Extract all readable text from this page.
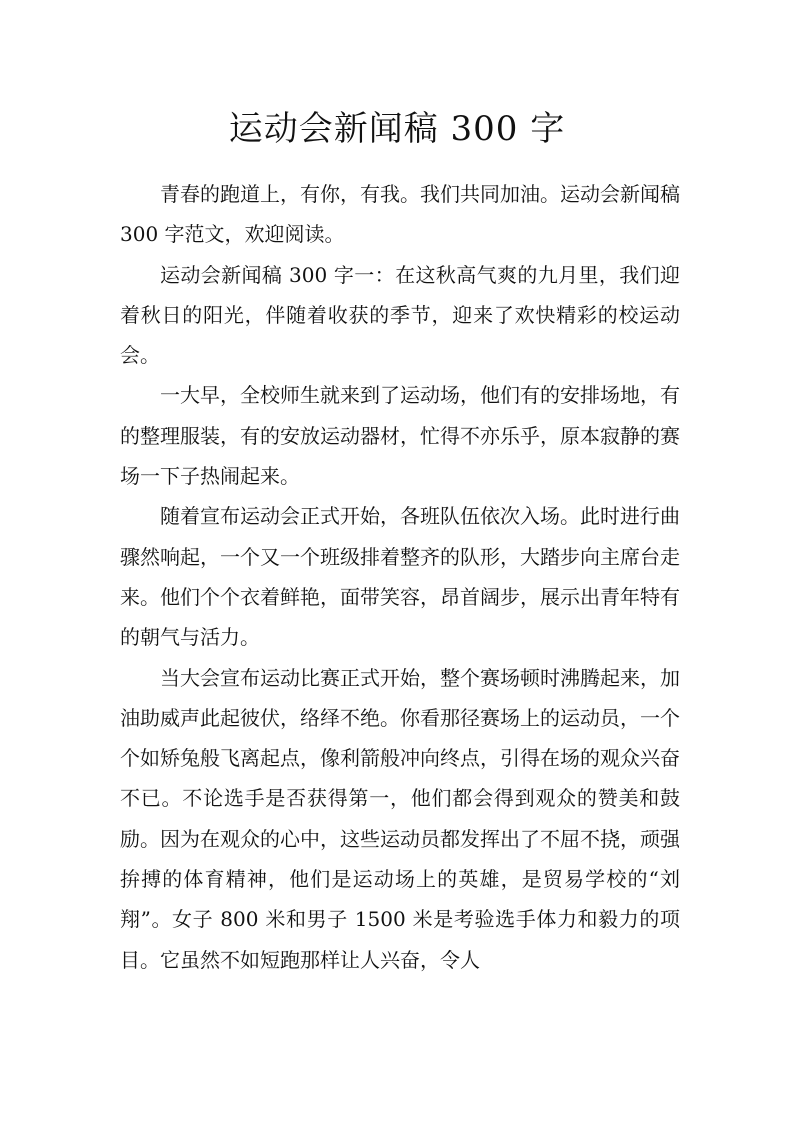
运动会新闻稿 300 字

青春的跑道上，有你，有我。我们共同加油。运动会新闻稿 300 字范文，欢迎阅读。

运动会新闻稿 300 字一：在这秋高气爽的九月里，我们迎着秋日的阳光，伴随着收获的季节，迎来了欢快精彩的校运动会。

一大早，全校师生就来到了运动场，他们有的安排场地，有的整理服装，有的安放运动器材，忙得不亦乐乎，原本寂静的赛场一下子热闹起来。

随着宣布运动会正式开始，各班队伍依次入场。此时进行曲骤然响起，一个又一个班级排着整齐的队形，大踏步向主席台走来。他们个个衣着鲜艳，面带笑容，昂首阔步，展示出青年特有的朝气与活力。

当大会宣布运动比赛正式开始，整个赛场顿时沸腾起来，加油助威声此起彼伏，络绎不绝。你看那径赛场上的运动员，一个个如矫兔般飞离起点，像利箭般冲向终点，引得在场的观众兴奋不已。不论选手是否获得第一，他们都会得到观众的赞美和鼓励。因为在观众的心中，这些运动员都发挥出了不屈不挠，顽强拚搏的体育精神，他们是运动场上的英雄，是贸易学校的“刘翔”。女子 800 米和男子 1500 米是考验选手体力和毅力的项目。它虽然不如短跑那样让人兴奋，令人
